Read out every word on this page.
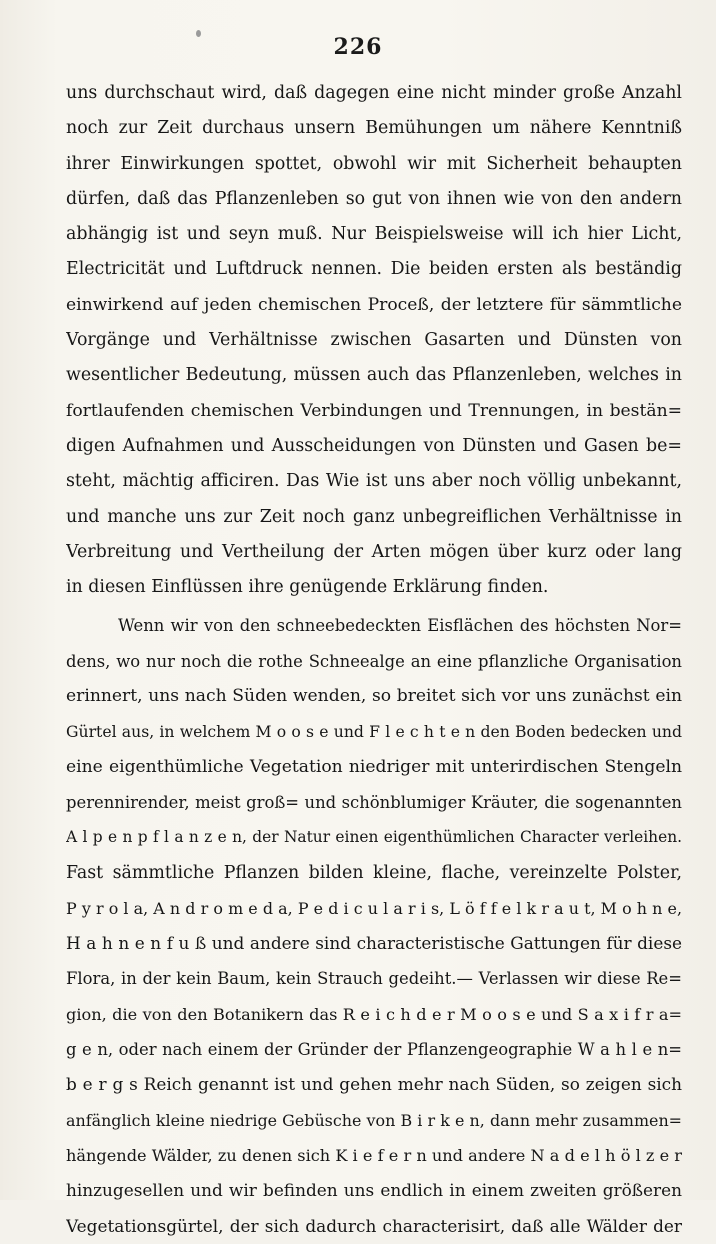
226
uns durchschaut wird, daß dagegen eine nicht minder große Anzahl
noch zur Zeit durchaus unsern Bemühungen um nähere Kenntniß
ihrer Einwirkungen spottet, obwohl wir mit Sicherheit behaupten
dürfen, daß das Pflanzenleben so gut von ihnen wie von den andern
abhängig ist und seyn muß. Nur Beispielsweise will ich hier Licht,
Electricität und Luftdruck nennen. Die beiden ersten als beständig
einwirkend auf jeden chemischen Proceß, der letztere für sämmtliche
Vorgänge und Verhältnisse zwischen Gasarten und Dünsten von
wesentlicher Bedeutung, müssen auch das Pflanzenleben, welches in
fortlaufenden chemischen Verbindungen und Trennungen, in bestän=
digen Aufnahmen und Ausscheidungen von Dünsten und Gasen be=
steht, mächtig afficiren. Das Wie ist uns aber noch völlig unbekannt,
und manche uns zur Zeit noch ganz unbegreiflichen Verhältnisse in
Verbreitung und Vertheilung der Arten mögen über kurz oder lang
in diesen Einflüssen ihre genügende Erklärung finden.
Wenn wir von den schneebedeckten Eisflächen des höchsten Nor=
dens, wo nur noch die rothe Schneealge an eine pflanzliche Organisation
erinnert, uns nach Süden wenden, so breitet sich vor uns zunächst ein
Gürtel aus, in welchem M o o s e und F l e c h t e n den Boden bedecken und
eine eigenthümliche Vegetation niedriger mit unterirdischen Stengeln
perennirender, meist groß= und schönblumiger Kräuter, die sogenannten
A l p e n p f l a n z e n, der Natur einen eigenthümlichen Character verleihen.
Fast sämmtliche Pflanzen bilden kleine, flache, vereinzelte Polster,
P y r o l a, A n d r o m e d a, P e d i c u l a r i s, L ö f f e l k r a u t, M o h n e,
H a h n e n f u ß und andere sind characteristische Gattungen für diese
Flora, in der kein Baum, kein Strauch gedeiht.— Verlassen wir diese Re=
gion, die von den Botanikern das R e i c h d e r M o o s e und S a x i f r a=
g e n, oder nach einem der Gründer der Pflanzengeographie W a h l e n=
b e r g s Reich genannt ist und gehen mehr nach Süden, so zeigen sich
anfänglich kleine niedrige Gebüsche von B i r k e n, dann mehr zusammen=
hängende Wälder, zu denen sich K i e f e r n und andere N a d e l h ö l z e r
hinzugesellen und wir befinden uns endlich in einem zweiten größeren
Vegetationsgürtel, der sich dadurch characterisirt, daß alle Wälder der
